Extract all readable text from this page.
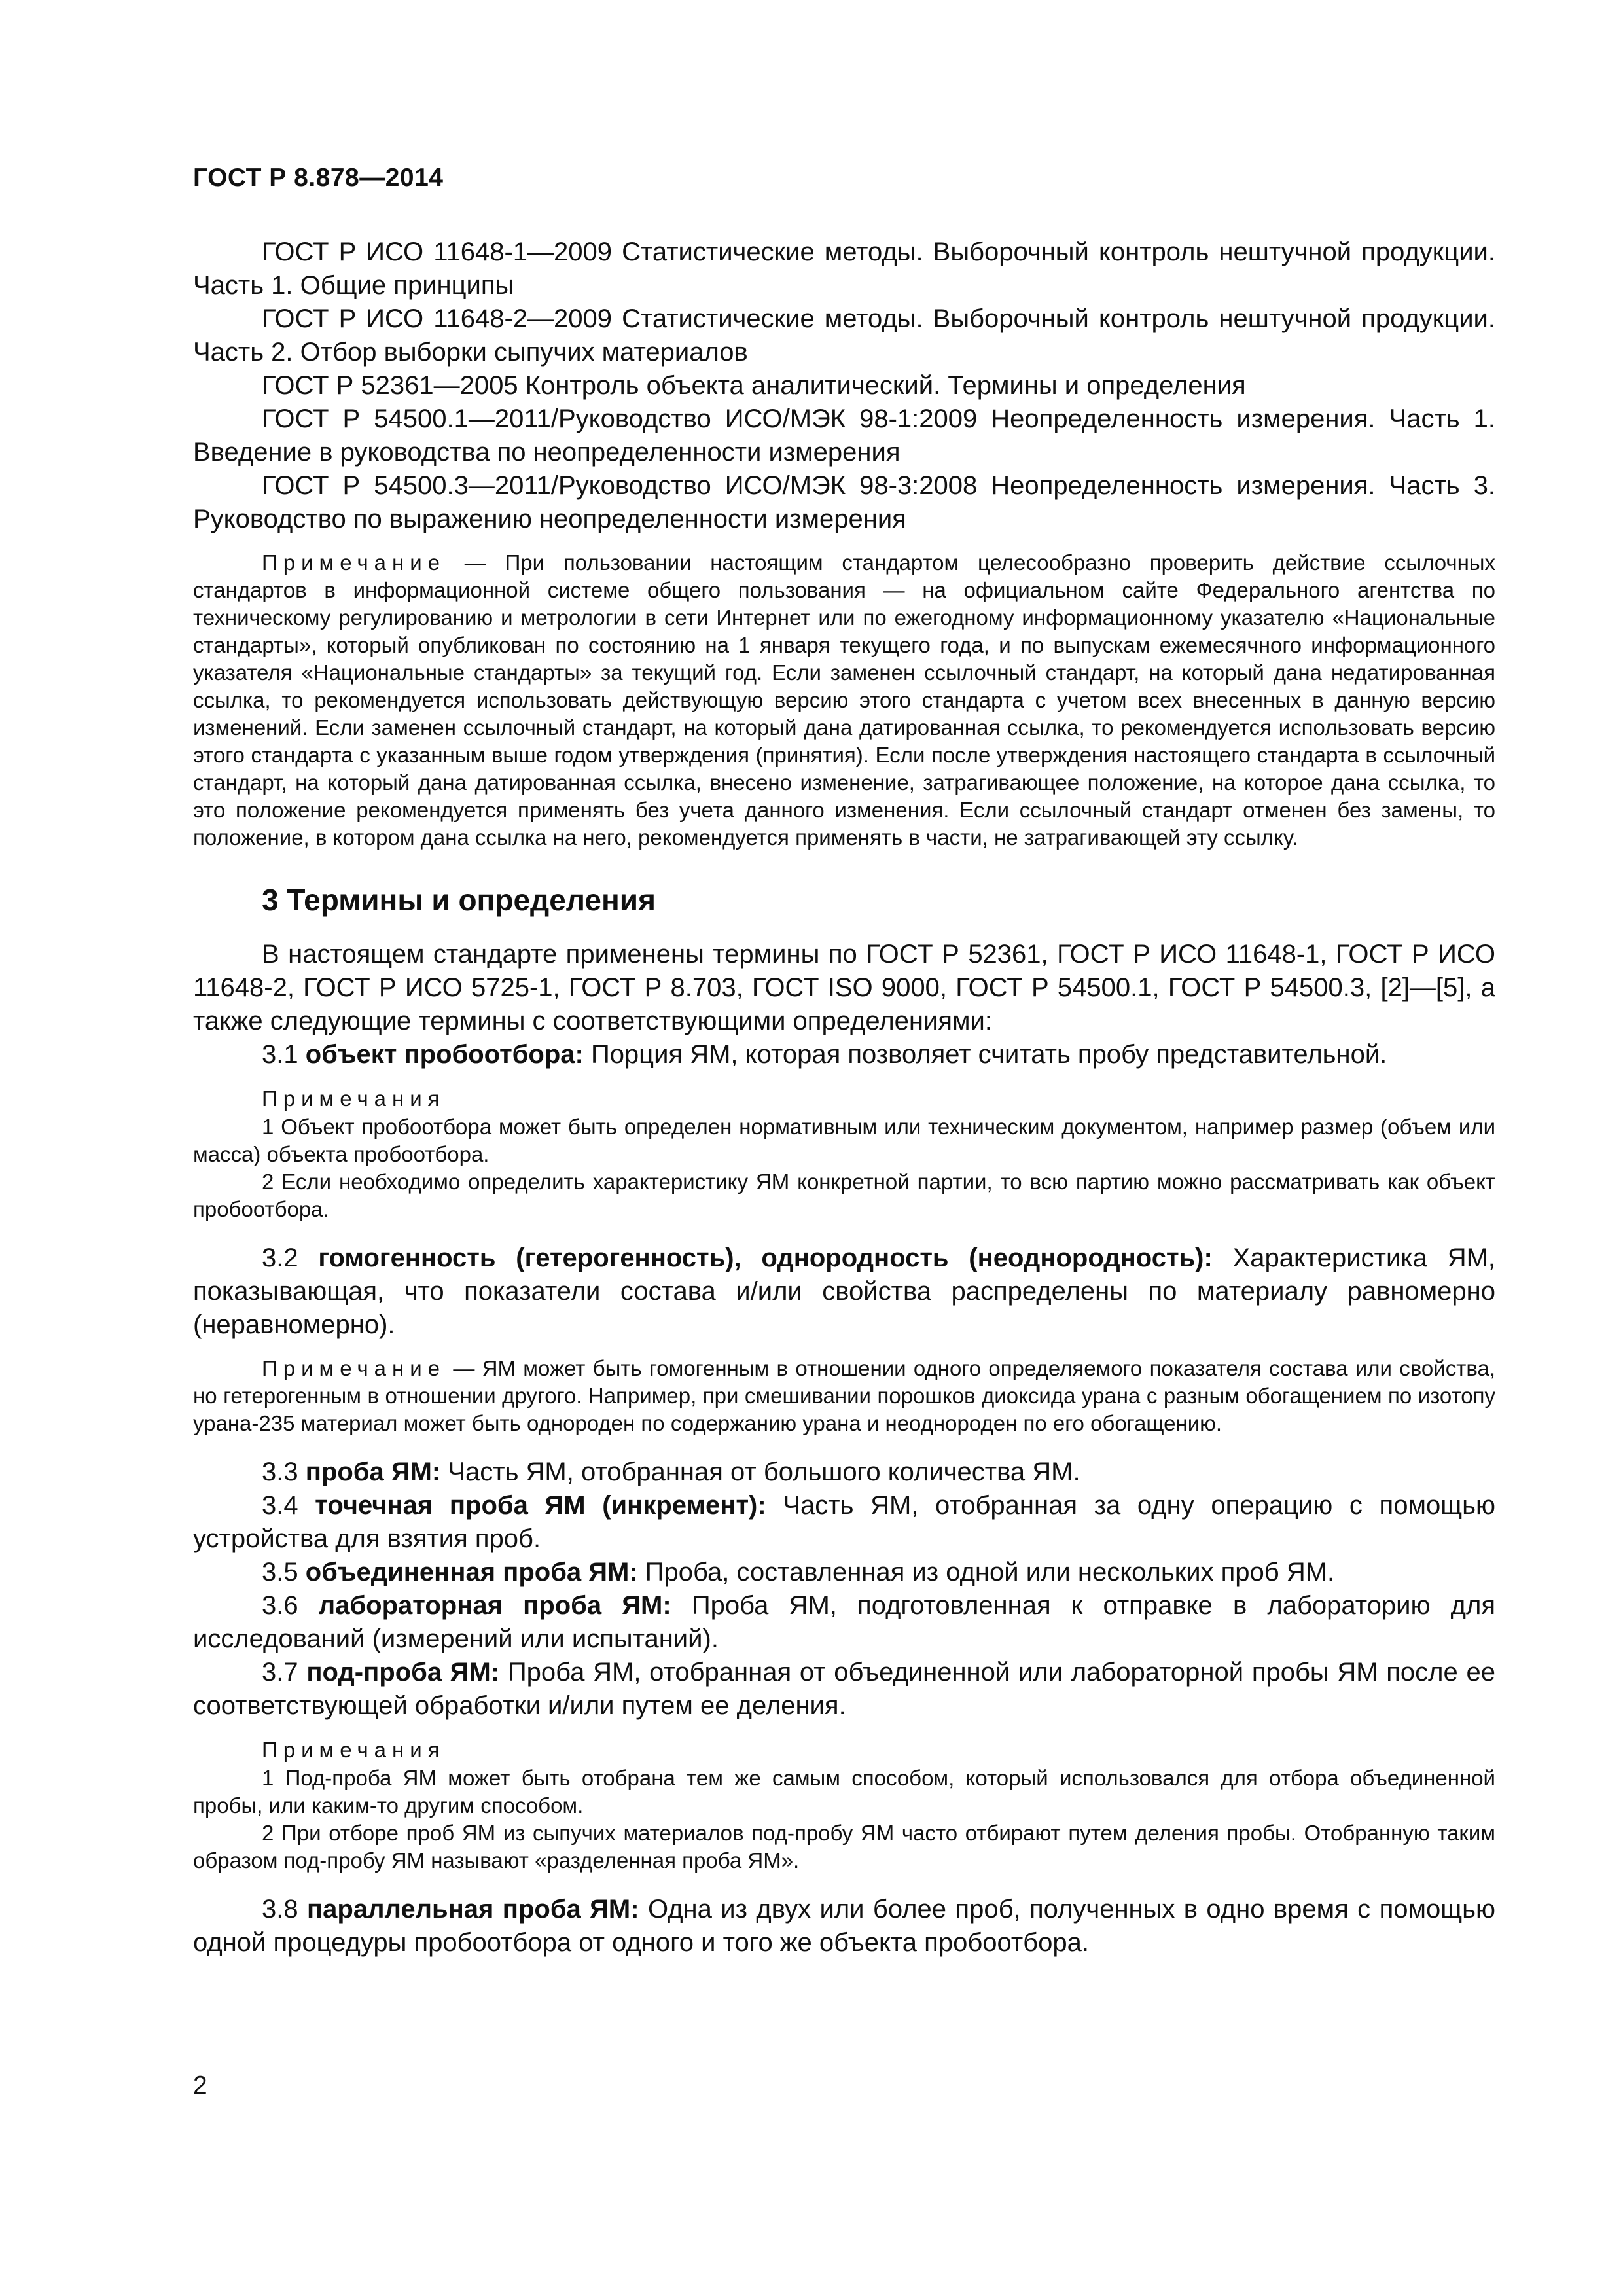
ГОСТ Р 8.878—2014

ГОСТ Р ИСО 11648-1—2009 Статистические методы. Выборочный контроль нештучной продукции. Часть 1. Общие принципы

ГОСТ Р ИСО 11648-2—2009 Статистические методы. Выборочный контроль нештучной продукции. Часть 2. Отбор выборки сыпучих материалов

ГОСТ Р 52361—2005 Контроль объекта аналитический. Термины и определения

ГОСТ Р 54500.1—2011/Руководство ИСО/МЭК 98-1:2009 Неопределенность измерения. Часть 1. Введение в руководства по неопределенности измерения

ГОСТ Р 54500.3—2011/Руководство ИСО/МЭК 98-3:2008 Неопределенность измерения. Часть 3. Руководство по выражению неопределенности измерения

Примечание — При пользовании настоящим стандартом целесообразно проверить действие ссылочных стандартов в информационной системе общего пользования — на официальном сайте Федерального агентства по техническому регулированию и метрологии в сети Интернет или по ежегодному информационному указателю «Национальные стандарты», который опубликован по состоянию на 1 января текущего года, и по выпускам ежемесячного информационного указателя «Национальные стандарты» за текущий год. Если заменен ссылочный стандарт, на который дана недатированная ссылка, то рекомендуется использовать действующую версию этого стандарта с учетом всех внесенных в данную версию изменений. Если заменен ссылочный стандарт, на который дана датированная ссылка, то рекомендуется использовать версию этого стандарта с указанным выше годом утверждения (принятия). Если после утверждения настоящего стандарта в ссылочный стандарт, на который дана датированная ссылка, внесено изменение, затрагивающее положение, на которое дана ссылка, то это положение рекомендуется применять без учета данного изменения. Если ссылочный стандарт отменен без замены, то положение, в котором дана ссылка на него, рекомендуется применять в части, не затрагивающей эту ссылку.

3 Термины и определения

В настоящем стандарте применены термины по ГОСТ Р 52361, ГОСТ Р ИСО 11648-1, ГОСТ Р ИСО 11648-2, ГОСТ Р ИСО 5725-1, ГОСТ Р 8.703, ГОСТ ISO 9000, ГОСТ Р 54500.1, ГОСТ Р 54500.3, [2]—[5], а также следующие термины с соответствующими определениями:

3.1 объект пробоотбора: Порция ЯМ, которая позволяет считать пробу представительной.

Примечания

1 Объект пробоотбора может быть определен нормативным или техническим документом, например размер (объем или масса) объекта пробоотбора.

2 Если необходимо определить характеристику ЯМ конкретной партии, то всю партию можно рассматривать как объект пробоотбора.

3.2 гомогенность (гетерогенность), однородность (неоднородность): Характеристика ЯМ, показывающая, что показатели состава и/или свойства распределены по материалу равномерно (неравномерно).

Примечание — ЯМ может быть гомогенным в отношении одного определяемого показателя состава или свойства, но гетерогенным в отношении другого. Например, при смешивании порошков диоксида урана с разным обогащением по изотопу урана-235 материал может быть однороден по содержанию урана и неоднороден по его обогащению.

3.3 проба ЯМ: Часть ЯМ, отобранная от большого количества ЯМ.

3.4 точечная проба ЯМ (инкремент): Часть ЯМ, отобранная за одну операцию с помощью устройства для взятия проб.

3.5 объединенная проба ЯМ: Проба, составленная из одной или нескольких проб ЯМ.

3.6 лабораторная проба ЯМ: Проба ЯМ, подготовленная к отправке в лабораторию для исследований (измерений или испытаний).

3.7 под-проба ЯМ: Проба ЯМ, отобранная от объединенной или лабораторной пробы ЯМ после ее соответствующей обработки и/или путем ее деления.

Примечания

1 Под-проба ЯМ может быть отобрана тем же самым способом, который использовался для отбора объединенной пробы, или каким-то другим способом.

2 При отборе проб ЯМ из сыпучих материалов под-пробу ЯМ часто отбирают путем деления пробы. Отобранную таким образом под-пробу ЯМ называют «разделенная проба ЯМ».

3.8 параллельная проба ЯМ: Одна из двух или более проб, полученных в одно время с помощью одной процедуры пробоотбора от одного и того же объекта пробоотбора.

2
